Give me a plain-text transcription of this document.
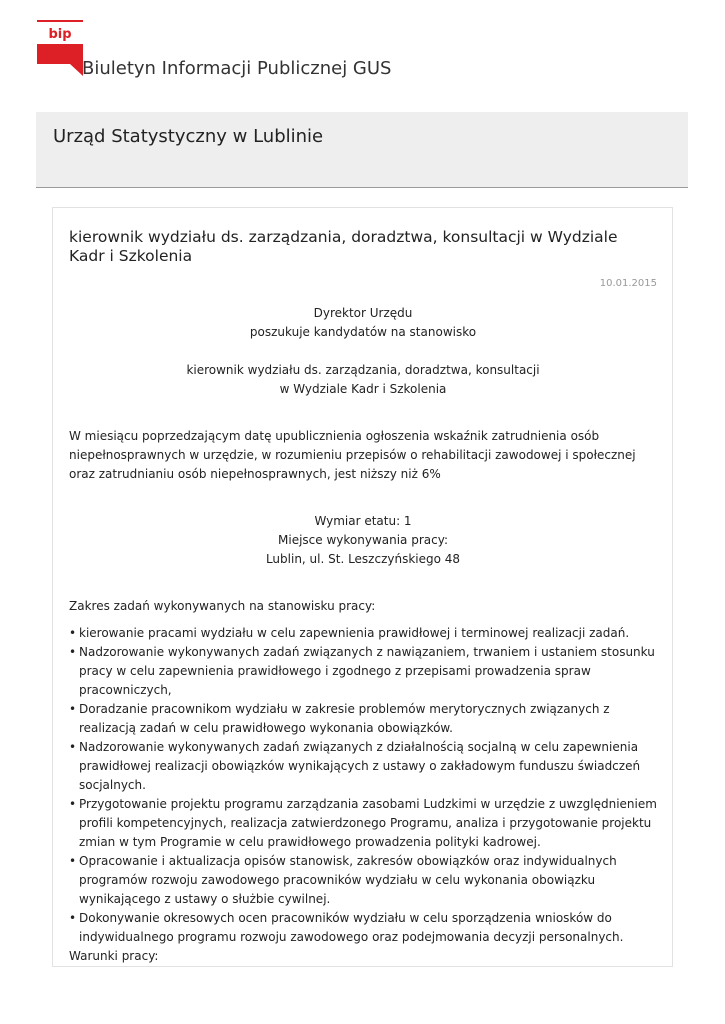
bip
Biuletyn Informacji Publicznej GUS
Urząd Statystyczny w Lublinie
kierownik wydziału ds. zarządzania, doradztwa, konsultacji w Wydziale Kadr i Szkolenia
10.01.2015
Dyrektor Urzędu
poszukuje kandydatów na stanowisko
kierownik wydziału ds. zarządzania, doradztwa, konsultacji
w Wydziale Kadr i Szkolenia

W miesiącu poprzedzającym datę upublicznienia ogłoszenia wskaźnik zatrudnienia osób niepełnosprawnych w urzędzie, w rozumieniu przepisów o rehabilitacji zawodowej i społecznej oraz zatrudnianiu osób niepełnosprawnych, jest niższy niż 6%

Wymiar etatu: 1
Miejsce wykonywania pracy:
Lublin, ul. St. Leszczyńskiego 48

Zakres zadań wykonywanych na stanowisku pracy:

• kierowanie pracami wydziału w celu zapewnienia prawidłowej i terminowej realizacji zadań.
• Nadzorowanie wykonywanych zadań związanych z nawiązaniem, trwaniem i ustaniem stosunku pracy w celu zapewnienia prawidłowego i zgodnego z przepisami prowadzenia spraw pracowniczych,
• Doradzanie pracownikom wydziału w zakresie problemów merytorycznych związanych z realizacją zadań w celu prawidłowego wykonania obowiązków.
• Nadzorowanie wykonywanych zadań związanych z działalnością socjalną w celu zapewnienia prawidłowej realizacji obowiązków wynikających z ustawy o zakładowym funduszu świadczeń socjalnych.
• Przygotowanie projektu programu zarządzania zasobami Ludzkimi w urzędzie z uwzględnieniem profili kompetencyjnych, realizacja zatwierdzonego Programu, analiza i przygotowanie projektu zmian w tym Programie w celu prawidłowego prowadzenia polityki kadrowej.
• Opracowanie i aktualizacja opisów stanowisk, zakresów obowiązków oraz indywidualnych programów rozwoju zawodowego pracowników wydziału w celu wykonania obowiązku wynikającego z ustawy o służbie cywilnej.
• Dokonywanie okresowych ocen pracowników wydziału w celu sporządzenia wniosków do indywidualnego programu rozwoju zawodowego oraz podejmowania decyzji personalnych.

Warunki pracy:
